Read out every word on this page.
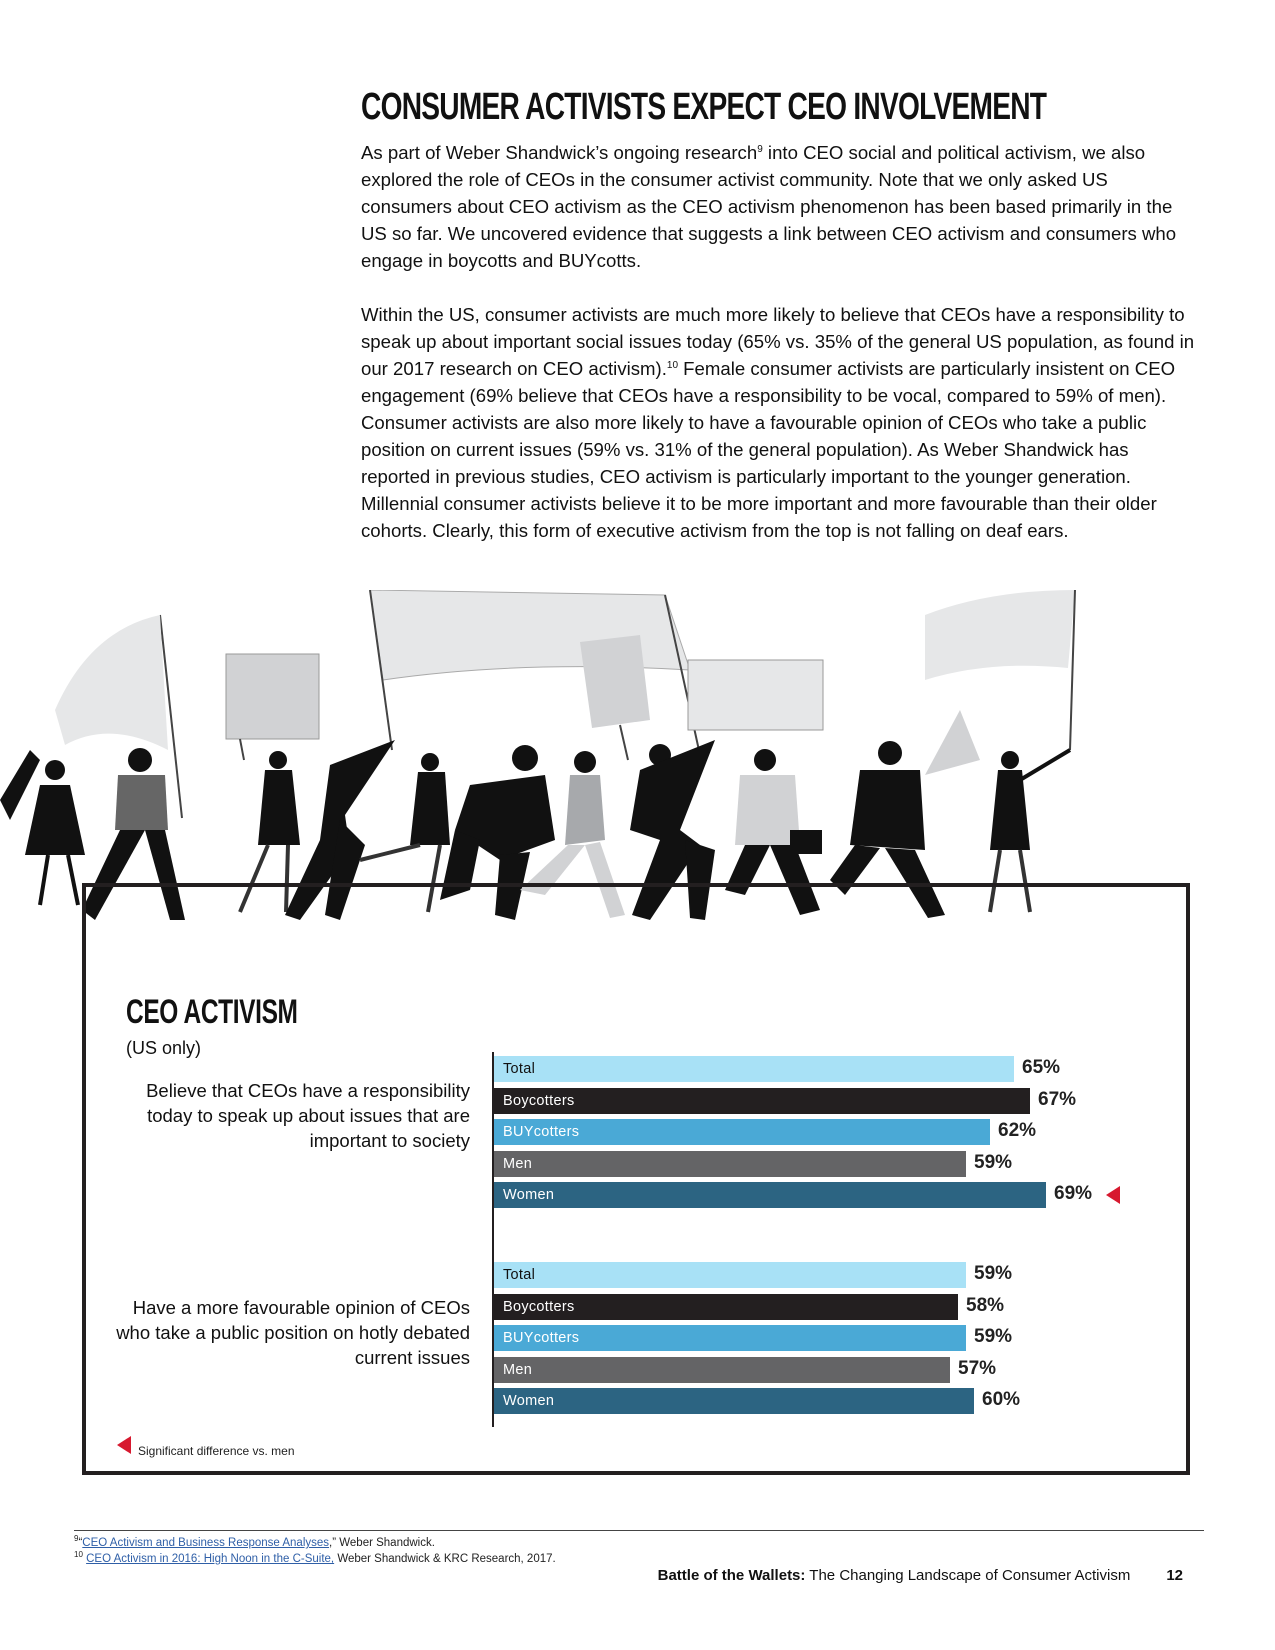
CONSUMER ACTIVISTS EXPECT CEO INVOLVEMENT

As part of Weber Shandwick’s ongoing research$^9$ into CEO social and political activism, we also explored the role of CEOs in the consumer activist community. Note that we only asked US consumers about CEO activism as the CEO activism phenomenon has been based primarily in the US so far. We uncovered evidence that suggests a link between CEO activism and consumers who engage in boycotts and BUYcotts.

Within the US, consumer activists are much more likely to believe that CEOs have a responsibility to speak up about important social issues today (65% vs. 35% of the general US population, as found in our 2017 research on CEO activism).$^{10}$ Female consumer activists are particularly insistent on CEO engagement (69% believe that CEOs have a responsibility to be vocal, compared to 59% of men). Consumer activists are also more likely to have a favourable opinion of CEOs who take a public position on current issues (59% vs. 31% of the general population). As Weber Shandwick has reported in previous studies, CEO activism is particularly important to the younger generation. Millennial consumer activists believe it to be more important and more favourable than their older cohorts. Clearly, this form of executive activism from the top is not falling on deaf ears.

CEO ACTIVISM
(US only)
Believe that CEOs have a responsibility today to speak up about issues that are important to society
Have a more favourable opinion of CEOs who take a public position on hotly debated current issues
Total	65%
Boycotters	67%
BUYcotters	62%
Men	59%
Women	69%
Total	59%
Boycotters	58%
BUYcotters	59%
Men	57%
Women	60%
Significant difference vs. men
$^9$“CEO Activism and Business Response Analyses,” Weber Shandwick.
$^{10}$ CEO Activism in 2016: High Noon in the C-Suite, Weber Shandwick & KRC Research, 2017.
Battle of the Wallets: The Changing Landscape of Consumer Activism 12
